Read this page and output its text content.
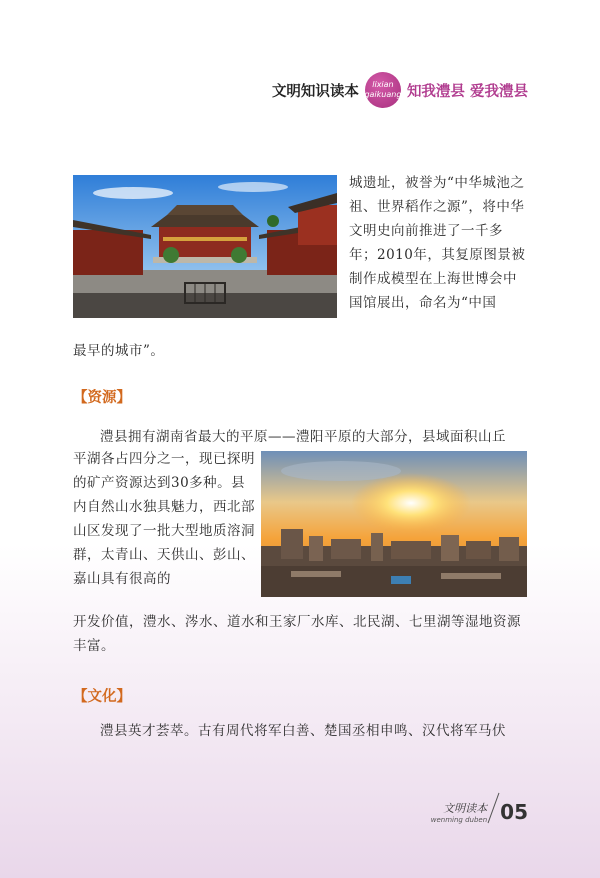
文明知识读本 lixian
gaikuang 知我澧县 爱我澧县
城遗址，被誉为“中华城池之祖、世界稻作之源”，将中华文明史向前推进了一千多年；2010年，其复原图景被制作成模型在上海世博会中国馆展出，命名为“中国
最早的城市”。
【资源】
澧县拥有湖南省最大的平原——澧阳平原的大部分，县域面积山丘
平湖各占四分之一，现已探明的矿产资源达到30多种。县内自然山水独具魅力，西北部山区发现了一批大型地质溶洞群，太青山、天供山、彭山、嘉山具有很高的
开发价值，澧水、涔水、道水和王家厂水库、北民湖、七里湖等湿地资源丰富。
【文化】
澧县英才荟萃。古有周代将军白善、楚国丞相申鸣、汉代将军马伏
文明读本
wenming duben 05
